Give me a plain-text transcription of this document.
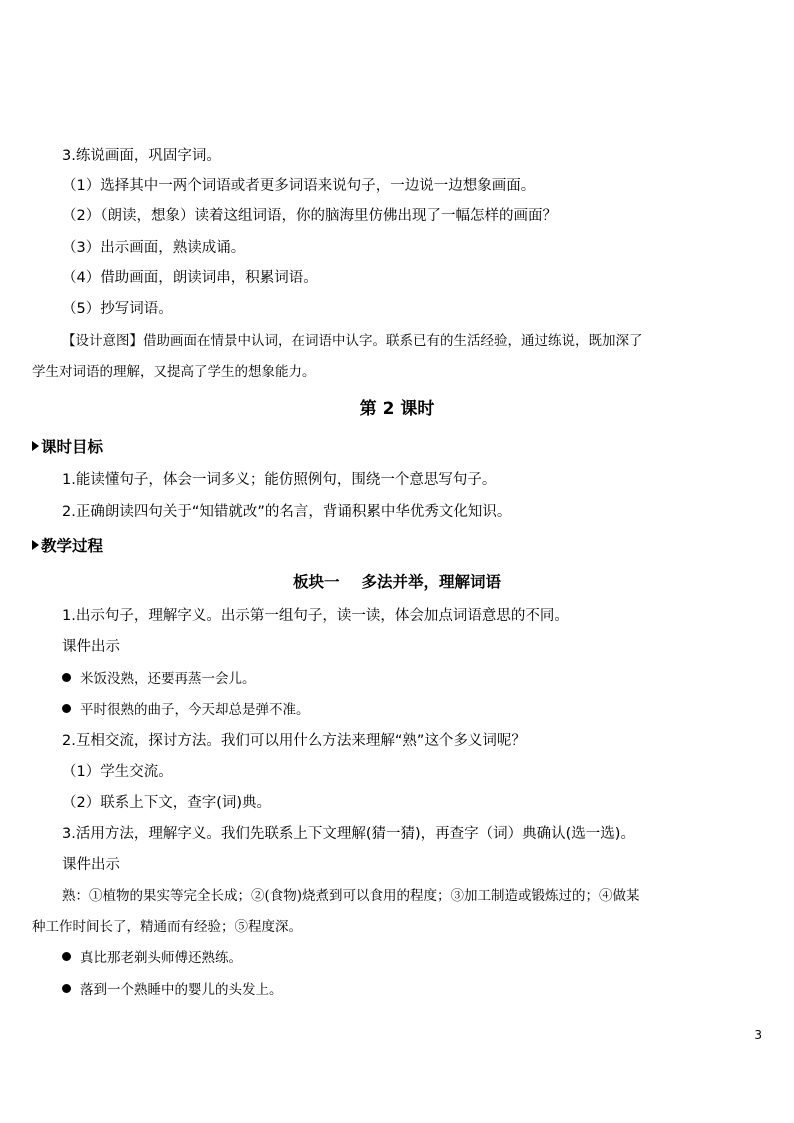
3.练说画面，巩固字词。
（1）选择其中一两个词语或者更多词语来说句子，一边说一边想象画面。
（2）（朗读，想象）读着这组词语，你的脑海里仿佛出现了一幅怎样的画面？
（3）出示画面，熟读成诵。
（4）借助画面，朗读词串，积累词语。
（5）抄写词语。
【设计意图】借助画面在情景中认词，在词语中认字。联系已有的生活经验，通过练说，既加深了
学生对词语的理解，又提高了学生的想象能力。
第 2 课时
课时目标
1.能读懂句子，体会一词多义；能仿照例句，围绕一个意思写句子。
2.正确朗读四句关于“知错就改”的名言，背诵积累中华优秀文化知识。
教学过程
板块一 多法并举，理解词语
1.出示句子，理解字义。出示第一组句子，读一读，体会加点词语意思的不同。
课件出示
米饭没熟，还要再蒸一会儿。
平时很熟的曲子，今天却总是弹不准。
2.互相交流，探讨方法。我们可以用什么方法来理解“熟”这个多义词呢？
（1）学生交流。
（2）联系上下文，查字(词)典。
3.活用方法，理解字义。我们先联系上下文理解(猜一猜)，再查字（词）典确认(选一选)。
课件出示
熟：①植物的果实等完全长成；②(食物)烧煮到可以食用的程度；③加工制造或锻炼过的；④做某
种工作时间长了，精通而有经验；⑤程度深。
真比那老剃头师傅还熟练。
落到一个熟睡中的婴儿的头发上。
3
